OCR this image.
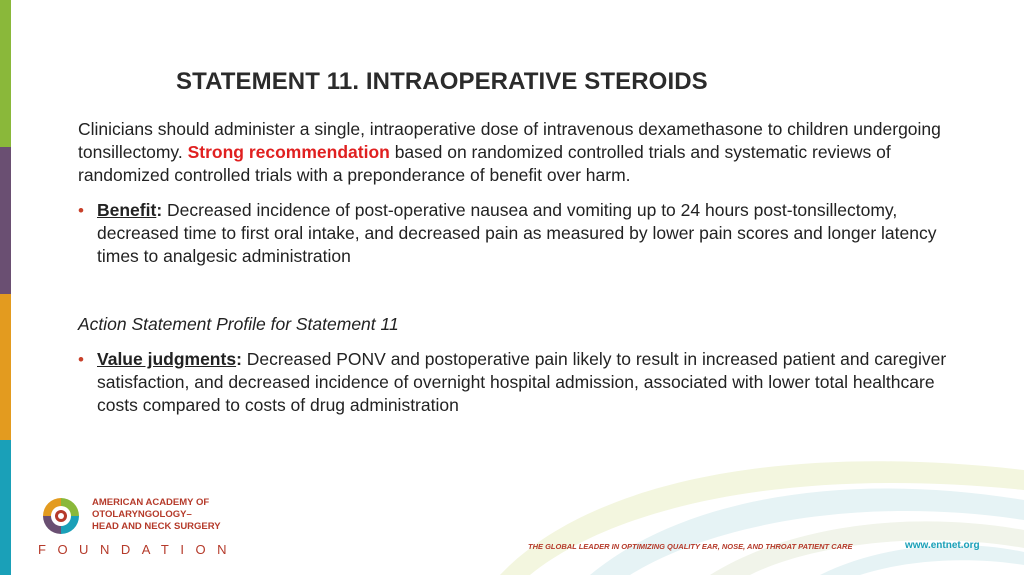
STATEMENT 11. INTRAOPERATIVE STEROIDS

Clinicians should administer a single, intraoperative dose of intravenous dexamethasone to children undergoing tonsillectomy. Strong recommendation based on randomized controlled trials and systematic reviews of randomized controlled trials with a preponderance of benefit over harm.

• Benefit: Decreased incidence of post-operative nausea and vomiting up to 24 hours post-tonsillectomy, decreased time to first oral intake, and decreased pain as measured by lower pain scores and longer latency times to analgesic administration

Action Statement Profile for Statement 11

• Value judgments: Decreased PONV and postoperative pain likely to result in increased patient and caregiver satisfaction, and decreased incidence of overnight hospital admission, associated with lower total healthcare costs compared to costs of drug administration
AMERICAN ACADEMY OF
OTOLARYNGOLOGY–
HEAD AND NECK SURGERY
FOUNDATION	THE GLOBAL LEADER IN OPTIMIZING QUALITY EAR, NOSE, AND THROAT PATIENT CARE	www.entnet.org
